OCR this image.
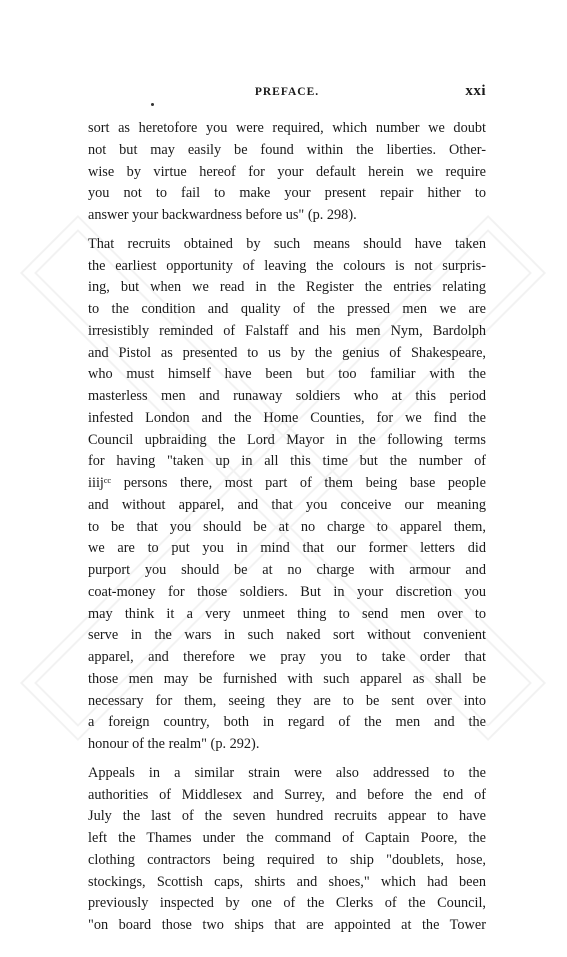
PREFACE.	xxi

sort as heretofore you were required, which number we doubt
not but may easily be found within the liberties. Other-
wise by virtue hereof for your default herein we require
you not to fail to make your present repair hither to
answer your backwardness before us" (p. 298).

That recruits obtained by such means should have taken
the earliest opportunity of leaving the colours is not surpris-
ing, but when we read in the Register the entries relating
to the condition and quality of the pressed men we are
irresistibly reminded of Falstaff and his men Nym, Bardolph
and Pistol as presented to us by the genius of Shakespeare,
who must himself have been but too familiar with the
masterless men and runaway soldiers who at this period
infested London and the Home Counties, for we find the
Council upbraiding the Lord Mayor in the following terms
for having "taken up in all this time but the number of
iiijᶜᶜ persons there, most part of them being base people
and without apparel, and that you conceive our meaning
to be that you should be at no charge to apparel them,
we are to put you in mind that our former letters did
purport you should be at no charge with armour and
coat-money for those soldiers. But in your discretion you
may think it a very unmeet thing to send men over to
serve in the wars in such naked sort without convenient
apparel, and therefore we pray you to take order that
those men may be furnished with such apparel as shall be
necessary for them, seeing they are to be sent over into
a foreign country, both in regard of the men and the
honour of the realm" (p. 292).

Appeals in a similar strain were also addressed to the
authorities of Middlesex and Surrey, and before the end of
July the last of the seven hundred recruits appear to have
left the Thames under the command of Captain Poore, the
clothing contractors being required to ship "doublets, hose,
stockings, Scottish caps, shirts and shoes," which had been
previously inspected by one of the Clerks of the Council,
"on board those two ships that are appointed at the Tower
